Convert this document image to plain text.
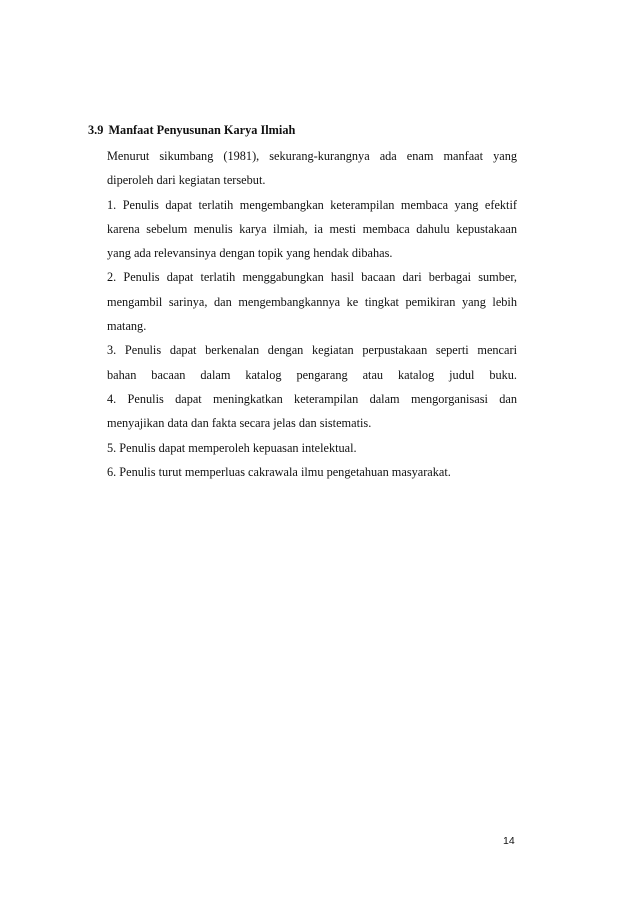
3.9 Manfaat Penyusunan Karya Ilmiah
Menurut sikumbang (1981), sekurang-kurangnya ada enam manfaat yang
diperoleh dari kegiatan tersebut.
1. Penulis dapat terlatih mengembangkan keterampilan membaca yang efektif
karena sebelum menulis karya ilmiah, ia mesti membaca dahulu kepustakaan
yang ada relevansinya dengan topik yang hendak dibahas.
2. Penulis dapat terlatih menggabungkan hasil bacaan dari berbagai sumber,
mengambil sarinya, dan mengembangkannya ke tingkat pemikiran yang lebih
matang.
3. Penulis dapat berkenalan dengan kegiatan perpustakaan seperti mencari
bahan bacaan dalam katalog pengarang atau katalog judul buku.
4. Penulis dapat meningkatkan keterampilan dalam mengorganisasi dan
menyajikan data dan fakta secara jelas dan sistematis.
5. Penulis dapat memperoleh kepuasan intelektual.
6. Penulis turut memperluas cakrawala ilmu pengetahuan masyarakat.
14
